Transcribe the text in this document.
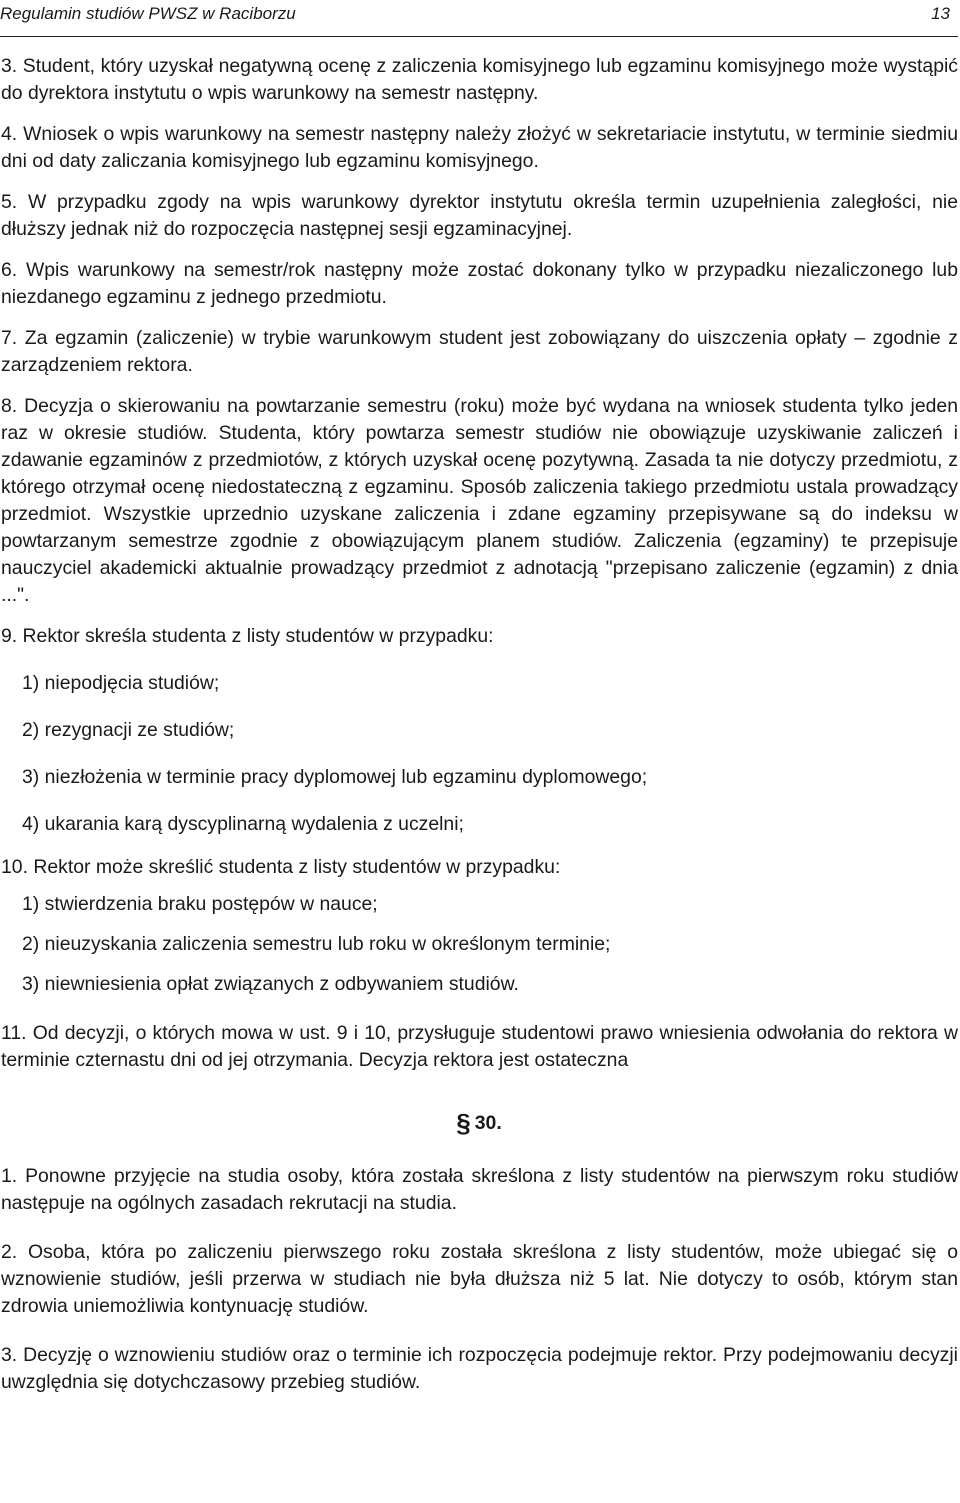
Regulamin studiów PWSZ w Raciborzu	13

3. Student, który uzyskał negatywną ocenę z zaliczenia komisyjnego lub egzaminu komisyjnego może wystąpić do dyrektora instytutu o wpis warunkowy na semestr następny.

4. Wniosek o wpis warunkowy na semestr następny należy złożyć w sekretariacie instytutu, w terminie siedmiu dni od daty zaliczania komisyjnego lub egzaminu komisyjnego.

5. W przypadku zgody na wpis warunkowy dyrektor instytutu określa termin uzupełnienia zaległości, nie dłuższy jednak niż do rozpoczęcia następnej sesji egzaminacyjnej.

6. Wpis warunkowy na semestr/rok następny może zostać dokonany tylko w przypadku niezaliczonego lub niezdanego egzaminu z jednego przedmiotu.

7. Za egzamin (zaliczenie) w trybie warunkowym student jest zobowiązany do uiszczenia opłaty – zgodnie z zarządzeniem rektora.

8. Decyzja o skierowaniu na powtarzanie semestru (roku) może być wydana na wniosek studenta tylko jeden raz w okresie studiów. Studenta, który powtarza semestr studiów nie obowiązuje uzyskiwanie zaliczeń i zdawanie egzaminów z przedmiotów, z których uzyskał ocenę pozytywną. Zasada ta nie dotyczy przedmiotu, z którego otrzymał ocenę niedostateczną z egzaminu. Sposób zaliczenia takiego przedmiotu ustala prowadzący przedmiot. Wszystkie uprzednio uzyskane zaliczenia i zdane egzaminy przepisywane są do indeksu w powtarzanym semestrze zgodnie z obowiązującym planem studiów. Zaliczenia (egzaminy) te przepisuje nauczyciel akademicki aktualnie prowadzący przedmiot z adnotacją "przepisano zaliczenie (egzamin) z dnia ...".

9. Rektor skreśla studenta z listy studentów w przypadku:

1) niepodjęcia studiów;
2) rezygnacji ze studiów;
3) niezłożenia w terminie pracy dyplomowej lub egzaminu dyplomowego;
4) ukarania karą dyscyplinarną wydalenia z uczelni;

10. Rektor może skreślić studenta z listy studentów w przypadku:

1) stwierdzenia braku postępów w nauce;
2) nieuzyskania zaliczenia semestru lub roku w określonym terminie;
3) niewniesienia opłat związanych z odbywaniem studiów.

11. Od decyzji, o których mowa w ust. 9 i 10, przysługuje studentowi prawo wniesienia odwołania do rektora w terminie czternastu dni od jej otrzymania. Decyzja rektora jest ostateczna

§ 30.

1. Ponowne przyjęcie na studia osoby, która została skreślona z listy studentów na pierwszym roku studiów następuje na ogólnych zasadach rekrutacji na studia.

2. Osoba, która po zaliczeniu pierwszego roku została skreślona z listy studentów, może ubiegać się o wznowienie studiów, jeśli przerwa w studiach nie była dłuższa niż 5 lat. Nie dotyczy to osób, którym stan zdrowia uniemożliwia kontynuację studiów.

3. Decyzję o wznowieniu studiów oraz o terminie ich rozpoczęcia podejmuje rektor. Przy podejmowaniu decyzji uwzględnia się dotychczasowy przebieg studiów.
